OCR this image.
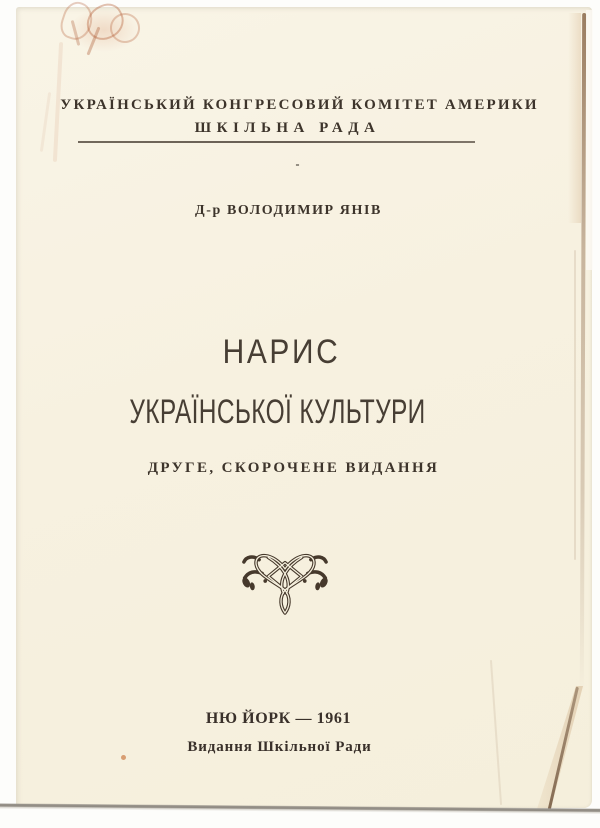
УКРАЇНСЬКИЙ КОНГРЕСОВИЙ КОМІТЕТ АМЕРИКИ
ШКІЛЬНА РАДА
-
Д-р ВОЛОДИМИР ЯНІВ
НАРИС
УКРАЇНСЬКОЇ КУЛЬТУРИ
ДРУГЕ, СКОРОЧЕНЕ ВИДАННЯ
НЮ ЙОРК — 1961
Видання Шкільної Ради
